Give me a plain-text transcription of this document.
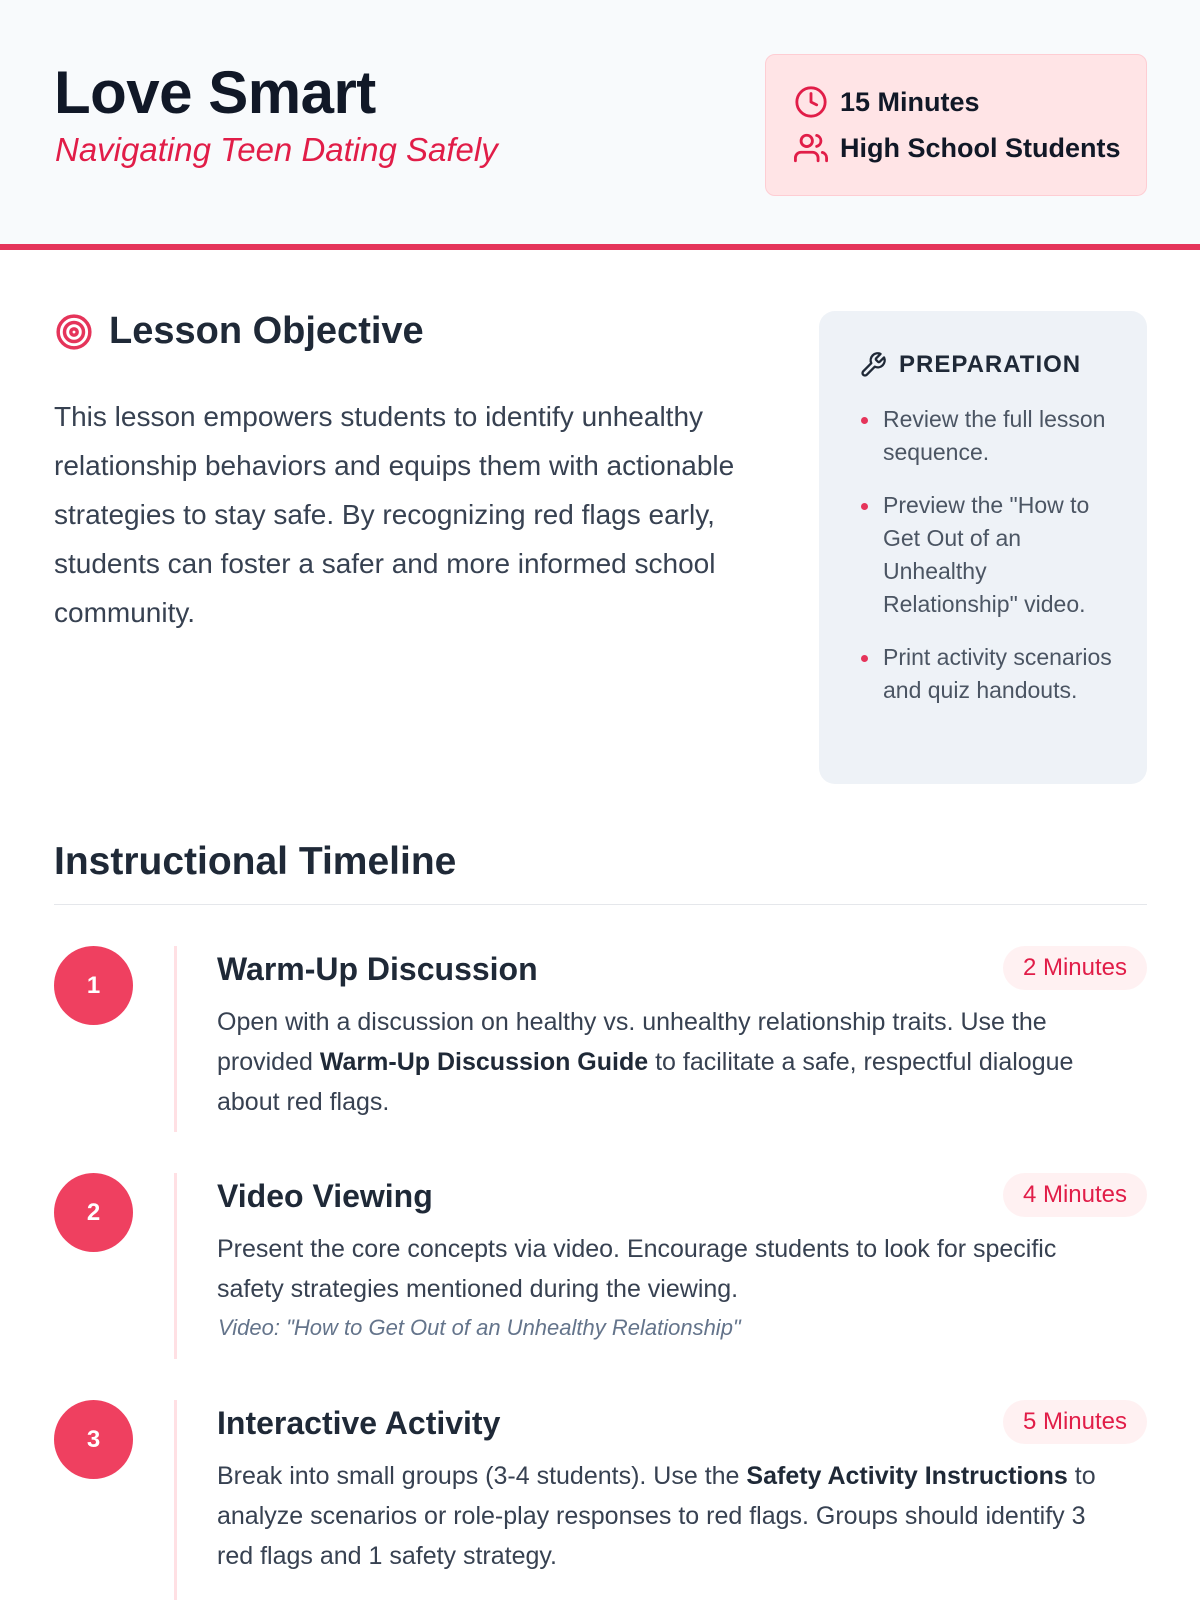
Love Smart
Navigating Teen Dating Safely
15 Minutes
High School Students
Lesson Objective

This lesson empowers students to identify unhealthy relationship behaviors and equips them with actionable strategies to stay safe. By recognizing red flags early, students can foster a safer and more informed school community.

PREPARATION
Review the full lesson sequence.
Preview the "How to Get Out of an Unhealthy Relationship" video.
Print activity scenarios and quiz handouts.
Instructional Timeline
1	Warm-Up Discussion	2 Minutes

Open with a discussion on healthy vs. unhealthy relationship traits. Use the provided Warm-Up Discussion Guide to facilitate a safe, respectful dialogue about red flags.

2	Video Viewing	4 Minutes

Present the core concepts via video. Encourage students to look for specific safety strategies mentioned during the viewing.

Video: "How to Get Out of an Unhealthy Relationship"
3	Interactive Activity	5 Minutes

Break into small groups (3-4 students). Use the Safety Activity Instructions to analyze scenarios or role-play responses to red flags. Groups should identify 3 red flags and 1 safety strategy.
